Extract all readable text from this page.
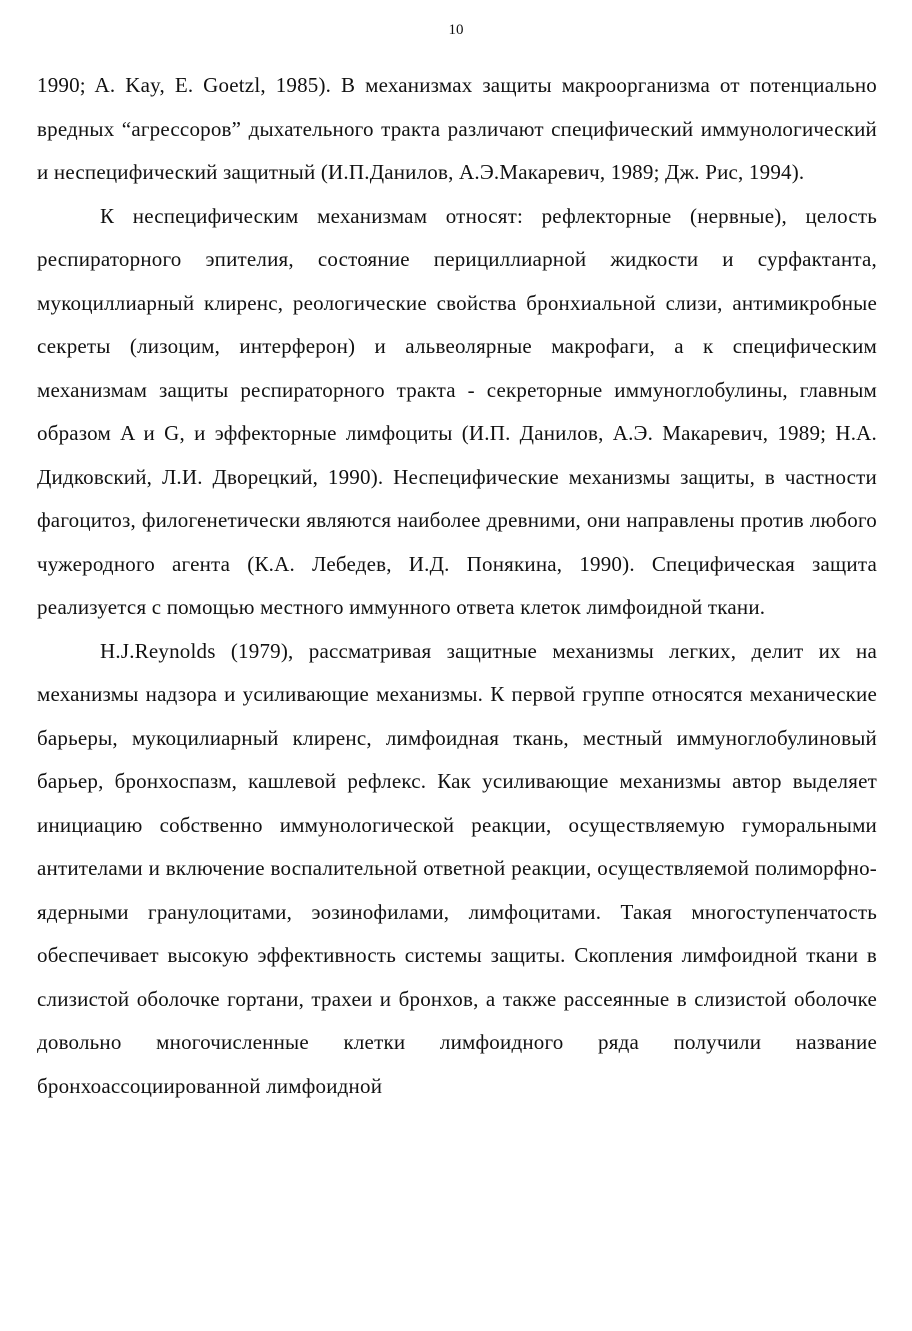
10

1990; A. Kay, E. Goetzl, 1985). В механизмах защиты макроорганизма от потенциально вредных “агрессоров” дыхательного тракта различают специфический иммунологический и неспецифический защитный (И.П.Данилов, А.Э.Макаревич, 1989; Дж. Рис, 1994).

К неспецифическим механизмам относят: рефлекторные (нервные), целость респираторного эпителия, состояние перициллиарной жидкости и сурфактанта, мукоциллиарный клиренс, реологические свойства бронхиальной слизи, антимикробные секреты (лизоцим, интерферон) и альвеолярные макрофаги, а к специфическим механизмам защиты респираторного тракта - секреторные иммуноглобулины, главным образом A и G, и эффекторные лимфоциты (И.П. Данилов, А.Э. Макаревич, 1989; Н.А. Дидковский, Л.И. Дворецкий, 1990). Неспецифические механизмы защиты, в частности фагоцитоз, филогенетически являются наиболее древними, они направлены против любого чужеродного агента (К.А. Лебедев, И.Д. Понякина, 1990). Специфическая защита реализуется с помощью местного иммунного ответа клеток лимфоидной ткани.

H.J.Reynolds (1979), рассматривая защитные механизмы легких, делит их на механизмы надзора и усиливающие механизмы. К первой группе относятся механические барьеры, мукоцилиарный клиренс, лимфоидная ткань, местный иммуноглобулиновый барьер, бронхоспазм, кашлевой рефлекс. Как усиливающие механизмы автор выделяет инициацию собственно иммунологической реакции, осуществляемую гуморальными антителами и включение воспалительной ответной реакции, осуществляемой полиморфно-ядерными гранулоцитами, эозинофилами, лимфоцитами. Такая многоступенчатость обеспечивает высокую эффективность системы защиты. Скопления лимфоидной ткани в слизистой оболочке гортани, трахеи и бронхов, а также рассеянные в слизистой оболочке довольно многочисленные клетки лимфоидного ряда получили название бронхоассоциированной лимфоидной
